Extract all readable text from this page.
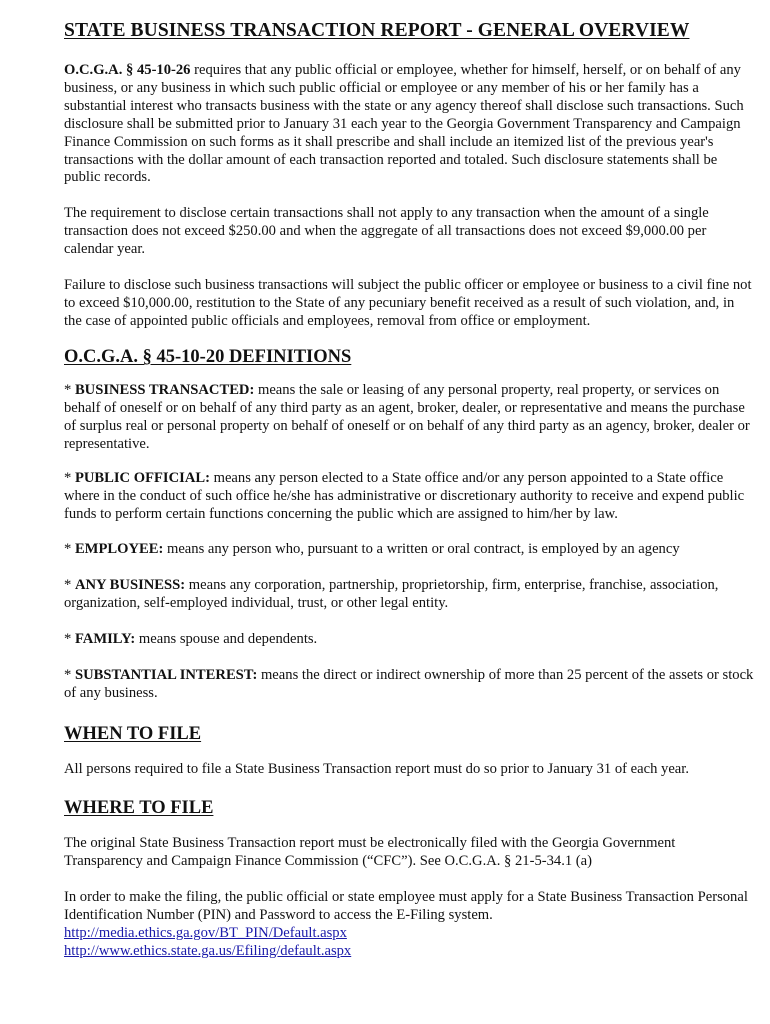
STATE BUSINESS TRANSACTION REPORT - GENERAL OVERVIEW

O.C.G.A. § 45-10-26 requires that any public official or employee, whether for himself, herself, or on behalf of any business, or any business in which such public official or employee or any member of his or her family has a substantial interest who transacts business with the state or any agency thereof shall disclose such transactions. Such disclosure shall be submitted prior to January 31 each year to the Georgia Government Transparency and Campaign Finance Commission on such forms as it shall prescribe and shall include an itemized list of the previous year's transactions with the dollar amount of each transaction reported and totaled. Such disclosure statements shall be public records.

The requirement to disclose certain transactions shall not apply to any transaction when the amount of a single transaction does not exceed $250.00 and when the aggregate of all transactions does not exceed $9,000.00 per calendar year.

Failure to disclose such business transactions will subject the public officer or employee or business to a civil fine not to exceed $10,000.00, restitution to the State of any pecuniary benefit received as a result of such violation, and, in the case of appointed public officials and employees, removal from office or employment.

O.C.G.A. § 45-10-20 DEFINITIONS

* BUSINESS TRANSACTED: means the sale or leasing of any personal property, real property, or services on behalf of oneself or on behalf of any third party as an agent, broker, dealer, or representative and means the purchase of surplus real or personal property on behalf of oneself or on behalf of any third party as an agency, broker, dealer or representative.

* PUBLIC OFFICIAL: means any person elected to a State office and/or any person appointed to a State office where in the conduct of such office he/she has administrative or discretionary authority to receive and expend public funds to perform certain functions concerning the public which are assigned to him/her by law.

* EMPLOYEE: means any person who, pursuant to a written or oral contract, is employed by an agency

* ANY BUSINESS: means any corporation, partnership, proprietorship, firm, enterprise, franchise, association, organization, self-employed individual, trust, or other legal entity.

* FAMILY: means spouse and dependents.

* SUBSTANTIAL INTEREST: means the direct or indirect ownership of more than 25 percent of the assets or stock of any business.

WHEN TO FILE

All persons required to file a State Business Transaction report must do so prior to January 31 of each year.

WHERE TO FILE

The original State Business Transaction report must be electronically filed with the Georgia Government Transparency and Campaign Finance Commission (“CFC”). See O.C.G.A. § 21-5-34.1 (a)

In order to make the filing, the public official or state employee must apply for a State Business Transaction Personal Identification Number (PIN) and Password to access the E-Filing system.

http://media.ethics.ga.gov/BT_PIN/Default.aspx
http://www.ethics.state.ga.us/Efiling/default.aspx
